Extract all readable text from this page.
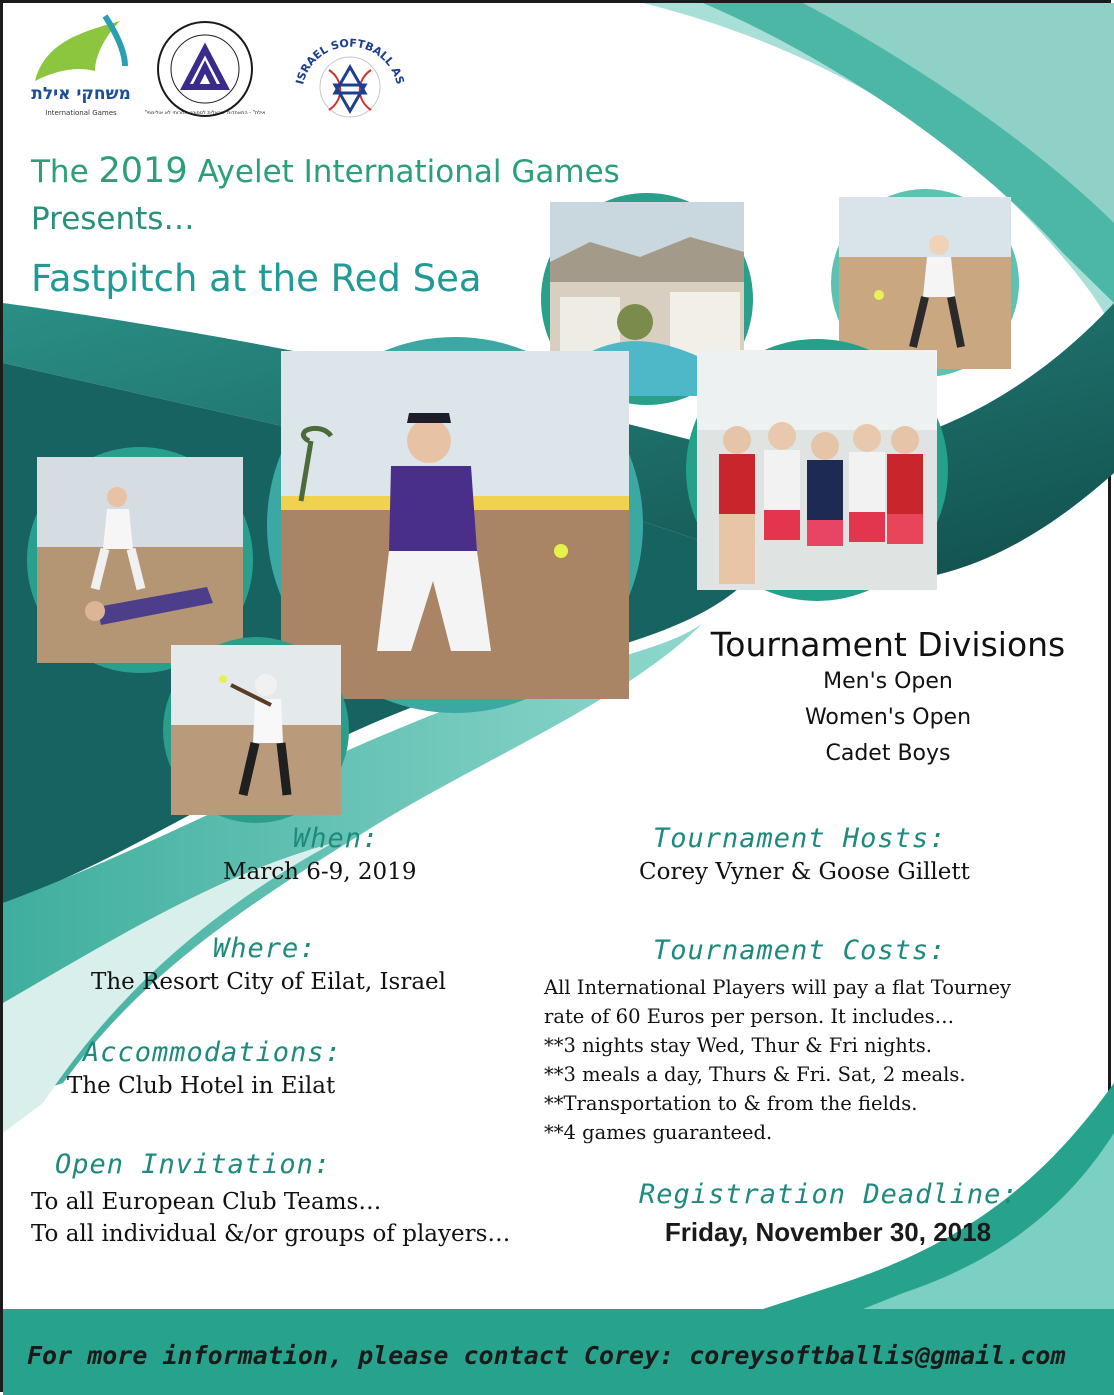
משחקי אילת
International Games	"אילת" - התאחדות ישראלית לספורט תחרותי לא אולימפי
ISRAEL SOFTBALL AS
The 2019 Ayelet International Games
Presents…
Fastpitch at the Red Sea
Tournament Divisions
Men's Open
Women's Open
Cadet Boys
When:
March 6-9, 2019
Where:
The Resort City of Eilat, Israel
Accommodations:
The Club Hotel in Eilat
Open Invitation:
To all European Club Teams…
To all individual &/or groups of players…
Tournament Hosts:
Corey Vyner & Goose Gillett
Tournament Costs:
All International Players will pay a flat Tourney
rate of 60 Euros per person. It includes…
**3 nights stay Wed, Thur & Fri nights.
**3 meals a day, Thurs & Fri. Sat, 2 meals.
**Transportation to & from the fields.
**4 games guaranteed.
Registration Deadline:
Friday, November 30, 2018
For more information, please contact Corey: coreysoftballis@gmail.com
